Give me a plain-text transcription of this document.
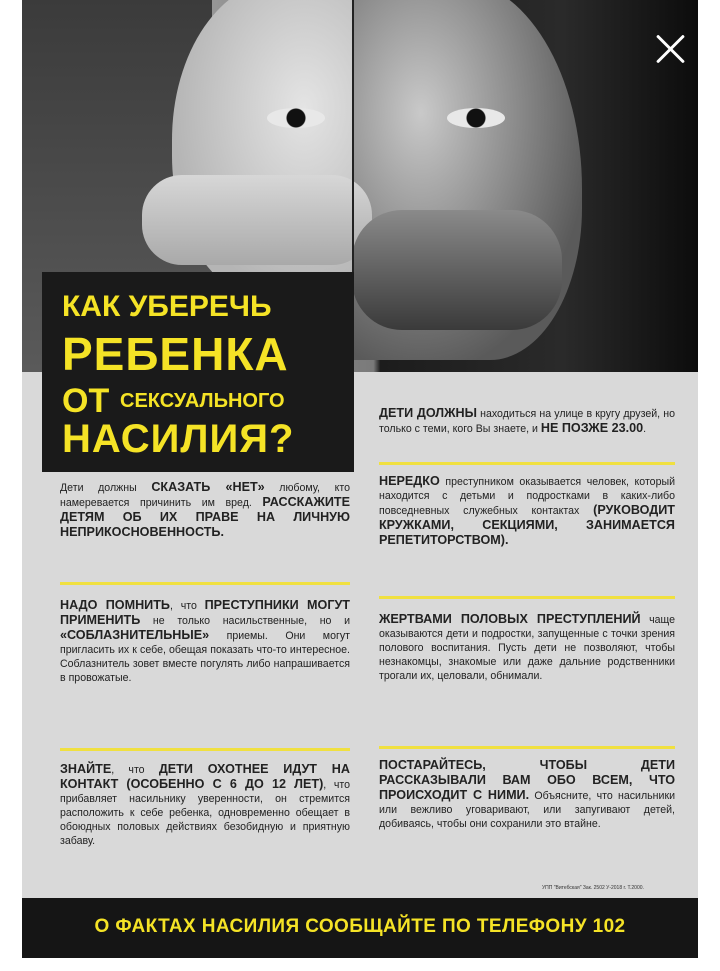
КАК УБЕРЕЧЬ
РЕБЕНКА
ОТ СЕКСУАЛЬНОГО
НАСИЛИЯ?
Дети должны СКАЗАТЬ «НЕТ» любому, кто намеревается причинить им вред. РАССКАЖИТЕ ДЕТЯМ ОБ ИХ ПРАВЕ НА ЛИЧНУЮ НЕПРИКОСНОВЕННОСТЬ.
НАДО ПОМНИТЬ, что ПРЕСТУПНИКИ МОГУТ ПРИМЕНИТЬ не только насильственные, но и «СОБЛАЗНИТЕЛЬНЫЕ» приемы. Они могут пригласить их к себе, обещая показать что-то интересное. Соблазнитель зовет вместе погулять либо напрашивается в провожатые.
ЗНАЙТЕ, что ДЕТИ ОХОТНЕЕ ИДУТ НА КОНТАКТ (ОСОБЕННО С 6 ДО 12 ЛЕТ), что прибавляет насильнику уверенности, он стремится расположить к себе ребенка, одновременно обещает в обоюдных половых действиях безобидную и приятную забаву.
ДЕТИ ДОЛЖНЫ находиться на улице в кругу друзей, но только с теми, кого Вы знаете, и НЕ ПОЗЖЕ 23.00.
НЕРЕДКО преступником оказывается человек, который находится с детьми и подростками в каких-либо повседневных служебных контактах (РУКОВОДИТ КРУЖКАМИ, СЕКЦИЯМИ, ЗАНИМАЕТСЯ РЕПЕТИТОРСТВОМ).
ЖЕРТВАМИ ПОЛОВЫХ ПРЕСТУПЛЕНИЙ чаще оказываются дети и подростки, запущенные с точки зрения полового воспитания. Пусть дети не позволяют, чтобы незнакомцы, знакомые или даже дальние родственники трогали их, целовали, обнимали.
ПОСТАРАЙТЕСЬ, ЧТОБЫ ДЕТИ РАССКАЗЫВАЛИ ВАМ ОБО ВСЕМ, ЧТО ПРОИСХОДИТ С НИМИ. Объясните, что насильники или вежливо уговаривают, или запугивают детей, добиваясь, чтобы они сохранили это втайне.
УПП "Витебская" Зак. 2502 У-2018 г. Т.2000.
О ФАКТАХ НАСИЛИЯ СООБЩАЙТЕ ПО ТЕЛЕФОНУ 102
